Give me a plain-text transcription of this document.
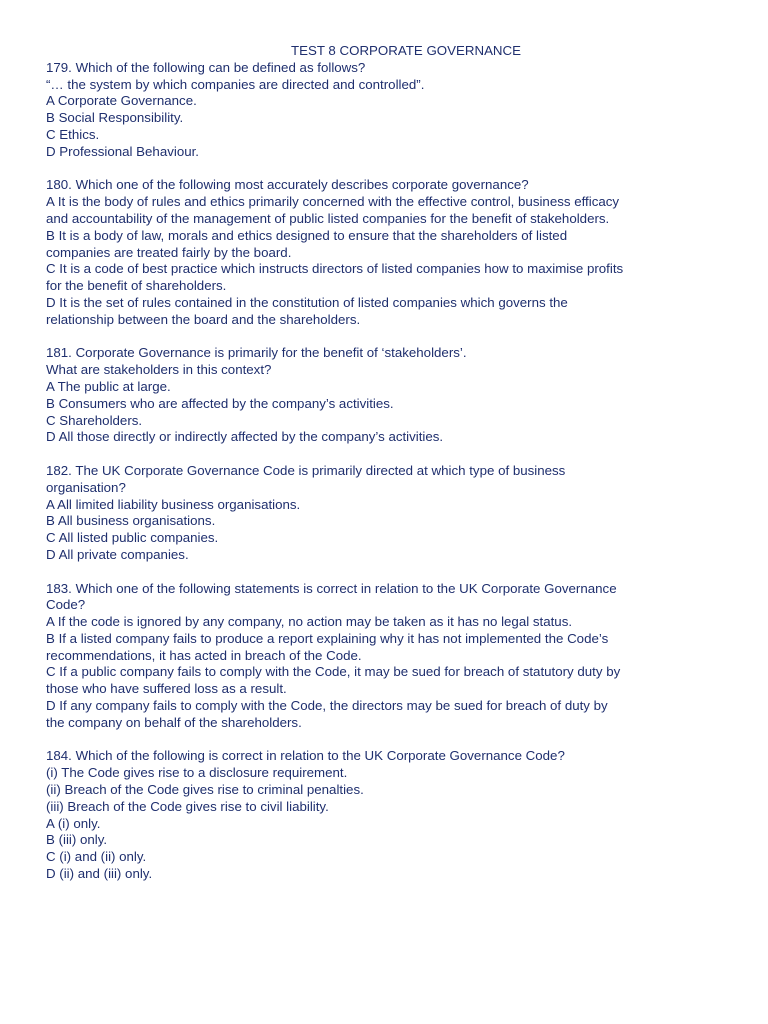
TEST 8 CORPORATE GOVERNANCE

179. Which of the following can be defined as follows?
“… the system by which companies are directed and controlled”.
A Corporate Governance.
B Social Responsibility.
C Ethics.
D Professional Behaviour.
180. Which one of the following most accurately describes corporate governance?
A It is the body of rules and ethics primarily concerned with the effective control, business efficacy
and accountability of the management of public listed companies for the benefit of stakeholders.
B It is a body of law, morals and ethics designed to ensure that the shareholders of listed
companies are treated fairly by the board.
C It is a code of best practice which instructs directors of listed companies how to maximise profits
for the benefit of shareholders.
D It is the set of rules contained in the constitution of listed companies which governs the
relationship between the board and the shareholders.
181. Corporate Governance is primarily for the benefit of ‘stakeholders’.
What are stakeholders in this context?
A The public at large.
B Consumers who are affected by the company’s activities.
C Shareholders.
D All those directly or indirectly affected by the company’s activities.
182. The UK Corporate Governance Code is primarily directed at which type of business
organisation?
A All limited liability business organisations.
B All business organisations.
C All listed public companies.
D All private companies.
183. Which one of the following statements is correct in relation to the UK Corporate Governance
Code?
A If the code is ignored by any company, no action may be taken as it has no legal status.
B If a listed company fails to produce a report explaining why it has not implemented the Code’s
recommendations, it has acted in breach of the Code.
C If a public company fails to comply with the Code, it may be sued for breach of statutory duty by
those who have suffered loss as a result.
D If any company fails to comply with the Code, the directors may be sued for breach of duty by
the company on behalf of the shareholders.
184. Which of the following is correct in relation to the UK Corporate Governance Code?
(i) The Code gives rise to a disclosure requirement.
(ii) Breach of the Code gives rise to criminal penalties.
(iii) Breach of the Code gives rise to civil liability.
A (i) only.
B (iii) only.
C (i) and (ii) only.
D (ii) and (iii) only.
